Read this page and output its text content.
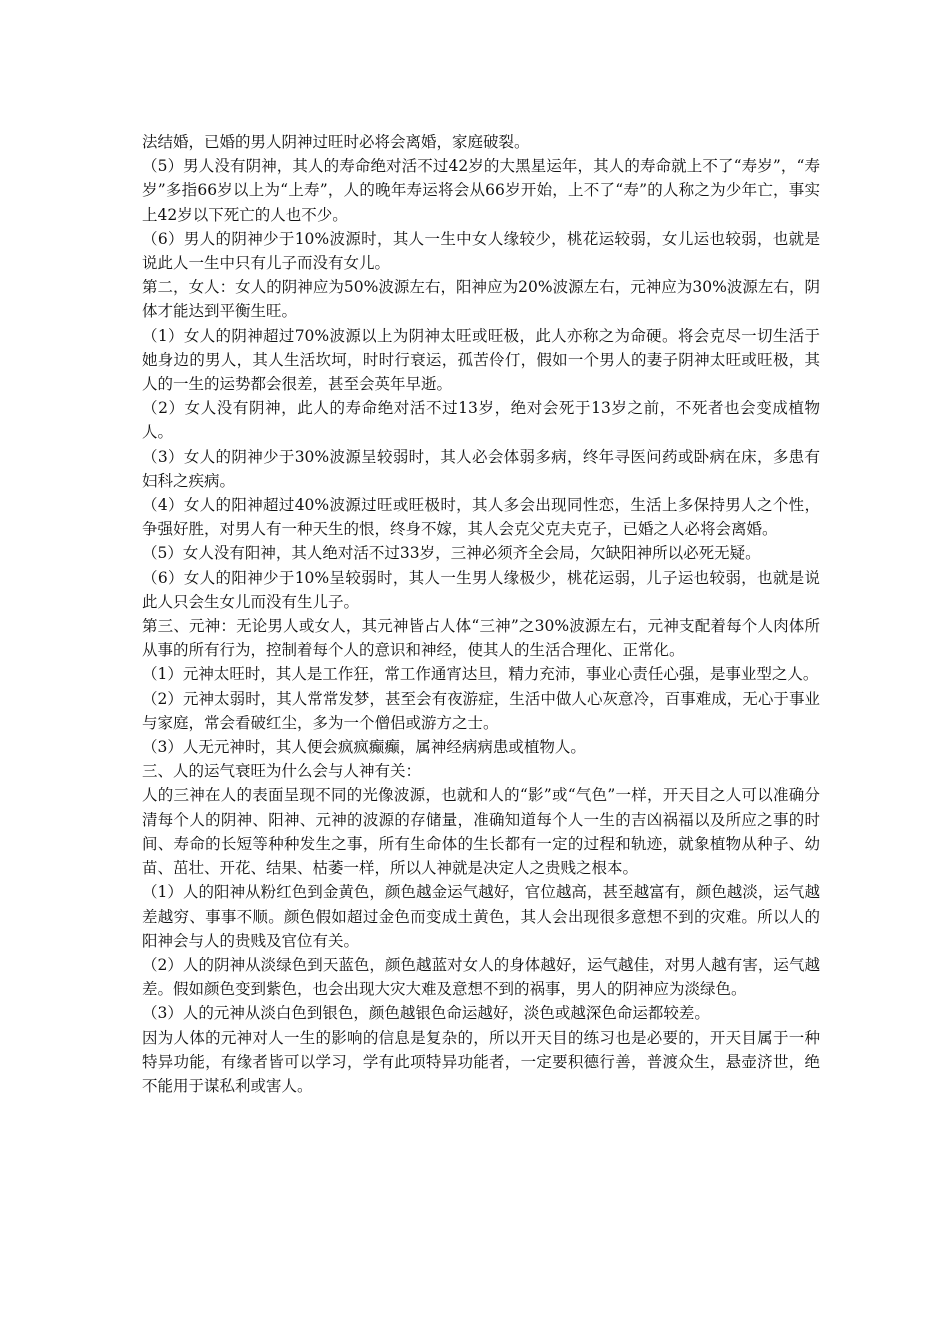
法结婚，已婚的男人阴神过旺时必将会离婚，家庭破裂。

（5）男人没有阴神，其人的寿命绝对活不过42岁的大黑星运年，其人的寿命就上不了“寿岁”，“寿岁”多指66岁以上为“上寿”，人的晚年寿运将会从66岁开始，上不了“寿”的人称之为少年亡，事实上42岁以下死亡的人也不少。

（6）男人的阴神少于10%波源时，其人一生中女人缘较少，桃花运较弱，女儿运也较弱，也就是说此人一生中只有儿子而没有女儿。

第二，女人：女人的阴神应为50%波源左右，阳神应为20%波源左右，元神应为30%波源左右，阴体才能达到平衡生旺。

（1）女人的阴神超过70%波源以上为阴神太旺或旺极，此人亦称之为命硬。将会克尽一切生活于她身边的男人，其人生活坎坷，时时行衰运，孤苦伶仃，假如一个男人的妻子阴神太旺或旺极，其人的一生的运势都会很差，甚至会英年早逝。

（2）女人没有阴神，此人的寿命绝对活不过13岁，绝对会死于13岁之前，不死者也会变成植物人。

（3）女人的阴神少于30%波源呈较弱时，其人必会体弱多病，终年寻医问药或卧病在床，多患有妇科之疾病。

（4）女人的阳神超过40%波源过旺或旺极时，其人多会出现同性恋，生活上多保持男人之个性，争强好胜，对男人有一种天生的恨，终身不嫁，其人会克父克夫克子，已婚之人必将会离婚。

（5）女人没有阳神，其人绝对活不过33岁，三神必须齐全会局，欠缺阳神所以必死无疑。

（6）女人的阳神少于10%呈较弱时，其人一生男人缘极少，桃花运弱，儿子运也较弱，也就是说此人只会生女儿而没有生儿子。

第三、元神：无论男人或女人，其元神皆占人体“三神”之30%波源左右，元神支配着每个人肉体所从事的所有行为，控制着每个人的意识和神经，使其人的生活合理化、正常化。

（1）元神太旺时，其人是工作狂，常工作通宵达旦，精力充沛，事业心责任心强，是事业型之人。

（2）元神太弱时，其人常常发梦，甚至会有夜游症，生活中做人心灰意冷，百事难成，无心于事业与家庭，常会看破红尘，多为一个僧侣或游方之士。

（3）人无元神时，其人便会疯疯癫癫，属神经病病患或植物人。

三、人的运气衰旺为什么会与人神有关：

人的三神在人的表面呈现不同的光像波源，也就和人的“影”或“气色”一样，开天目之人可以准确分清每个人的阴神、阳神、元神的波源的存储量，准确知道每个人一生的吉凶祸福以及所应之事的时间、寿命的长短等种种发生之事，所有生命体的生长都有一定的过程和轨迹，就象植物从种子、幼苗、茁壮、开花、结果、枯萎一样，所以人神就是决定人之贵贱之根本。

（1）人的阳神从粉红色到金黄色，颜色越金运气越好，官位越高，甚至越富有，颜色越淡，运气越差越穷、事事不顺。颜色假如超过金色而变成土黄色，其人会出现很多意想不到的灾难。所以人的阳神会与人的贵贱及官位有关。

（2）人的阴神从淡绿色到天蓝色，颜色越蓝对女人的身体越好，运气越佳，对男人越有害，运气越差。假如颜色变到紫色，也会出现大灾大难及意想不到的祸事，男人的阴神应为淡绿色。

（3）人的元神从淡白色到银色，颜色越银色命运越好，淡色或越深色命运都较差。

因为人体的元神对人一生的影响的信息是复杂的，所以开天目的练习也是必要的，开天目属于一种特异功能，有缘者皆可以学习，学有此项特异功能者，一定要积德行善，普渡众生，悬壶济世，绝不能用于谋私利或害人。
